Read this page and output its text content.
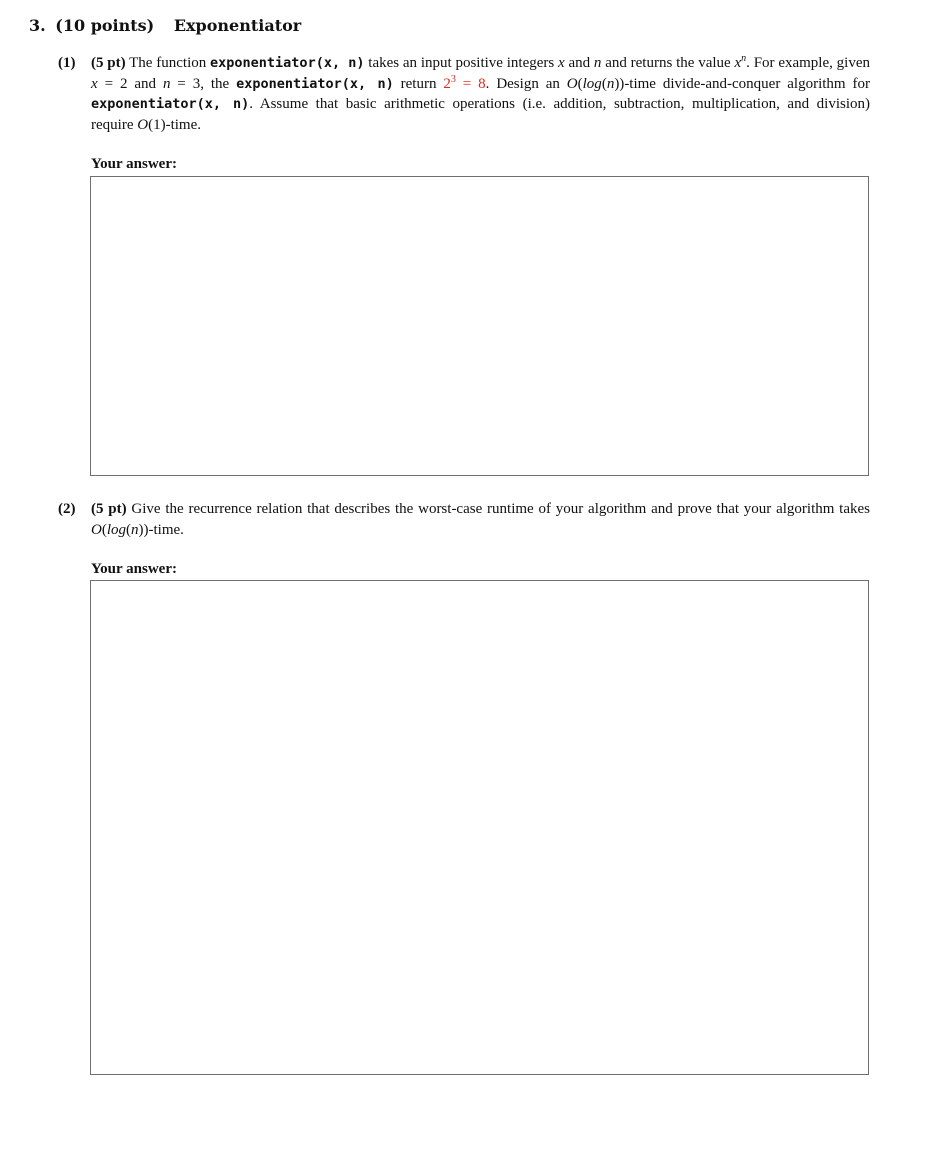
3. (10 points) Exponentiator
(1) (5 pt) The function exponentiator(x, n) takes an input positive integers x and n and returns the value $x^n$. For example, given x = 2 and n = 3, the exponentiator(x, n) return $2^3 = 8$. Design an O(log(n))-time divide-and-conquer algorithm for exponentiator(x, n). Assume that basic arithmetic operations (i.e. addition, subtraction, multiplication, and division) require O(1)-time.
Your answer:
(2) (5 pt) Give the recurrence relation that describes the worst-case runtime of your algorithm and prove that your algorithm takes O(log(n))-time.
Your answer:
